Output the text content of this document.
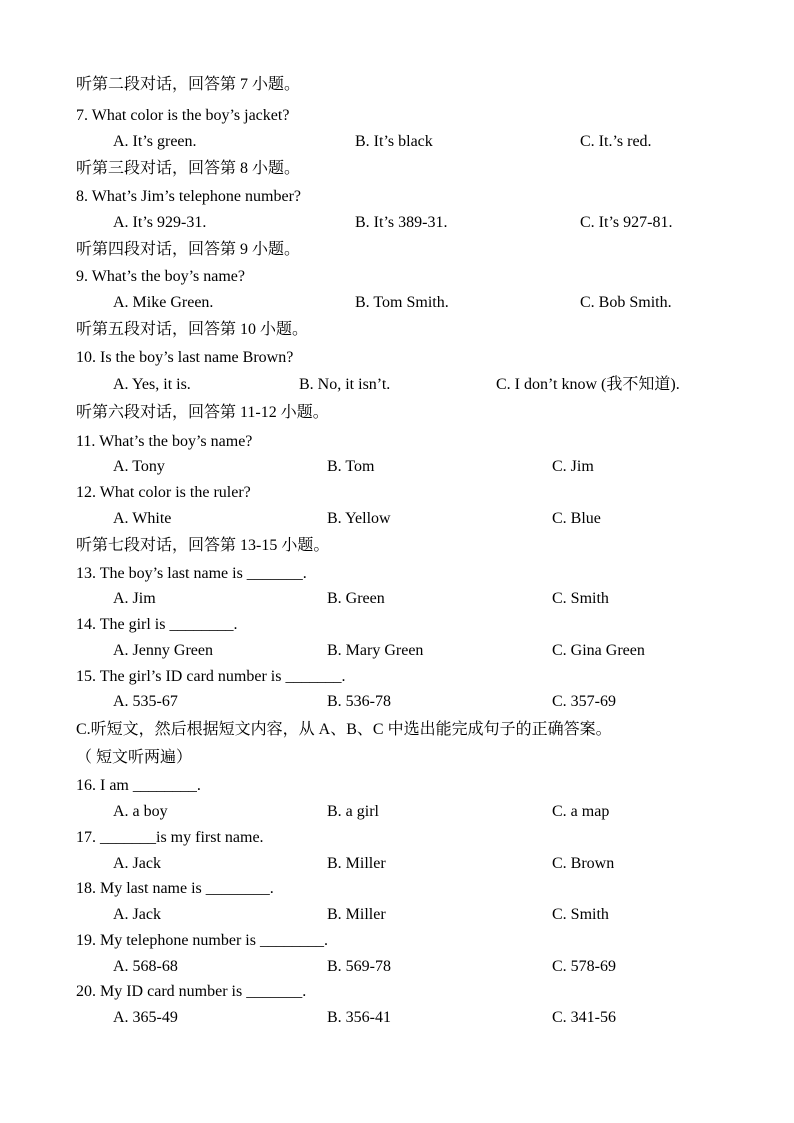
听第二段对话，回答第 7 小题。
7. What color is the boy’s jacket?
A. It’s green.	B. It’s black	C. It.’s red.
听第三段对话，回答第 8 小题。
8. What’s Jim’s telephone number?
A. It’s 929-31.	B. It’s 389-31.	C. It’s 927-81.
听第四段对话，回答第 9 小题。
9. What’s the boy’s name?
A. Mike Green.	B. Tom Smith.	C. Bob Smith.
听第五段对话，回答第 10 小题。
10. Is the boy’s last name Brown?
A. Yes, it is.	B. No, it isn’t.	C. I don’t know (我不知道).
听第六段对话，回答第 11-12 小题。
11. What’s the boy’s name?
A. Tony	B. Tom	C. Jim
12. What color is the ruler?
A. White	B. Yellow	C. Blue
听第七段对话，回答第 13-15 小题。
13. The boy’s last name is _______.
A. Jim	B. Green	C. Smith
14. The girl is ________.
A. Jenny Green	B. Mary Green	C. Gina Green
15. The girl’s ID card number is _______.
A. 535-67	B. 536-78	C. 357-69
C.听短文，然后根据短文内容，从 A、B、C 中选出能完成句子的正确答案。
（ 短文听两遍）
16. I am ________.
A. a boy	B. a girl	C. a map
17. _______is my first name.
A. Jack	B. Miller	C. Brown
18. My last name is ________.
A. Jack	B. Miller	C. Smith
19. My telephone number is ________.
A. 568-68	B. 569-78	C. 578-69
20. My ID card number is _______.
A. 365-49	B. 356-41	C. 341-56
